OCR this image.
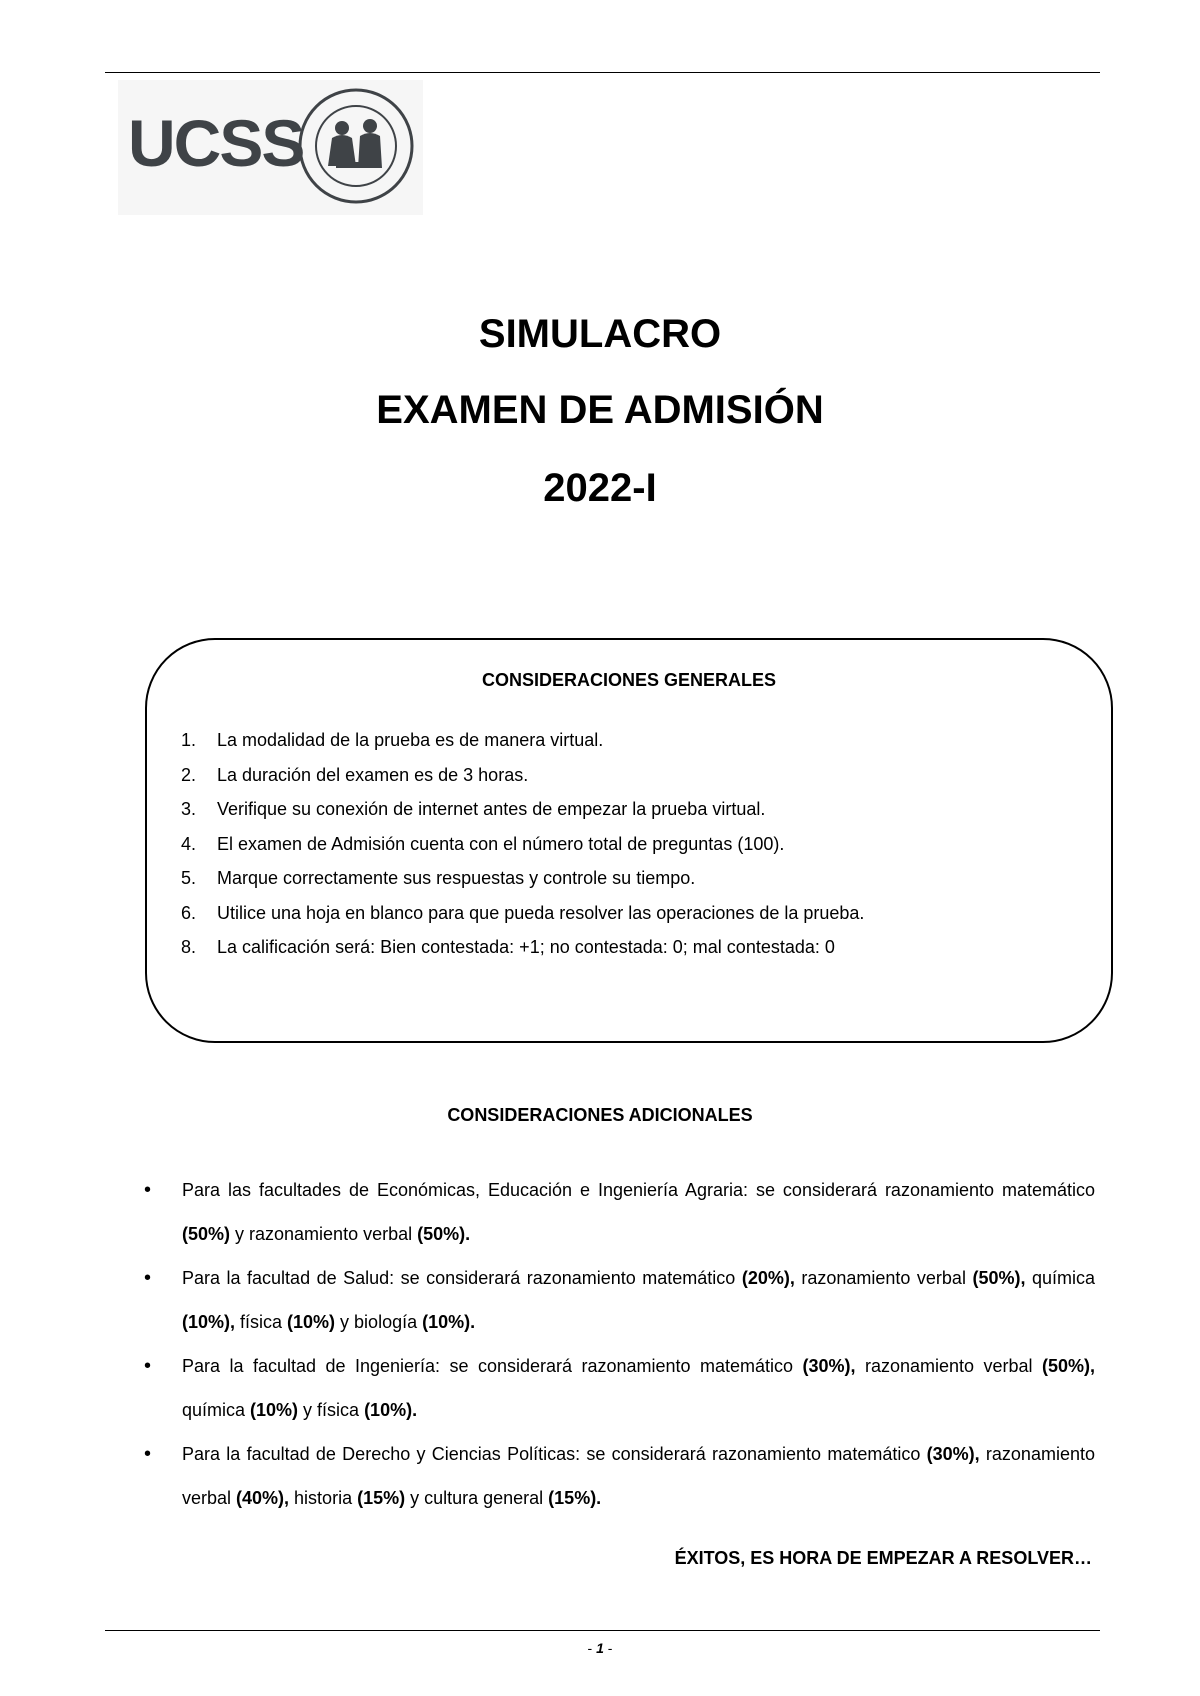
UCSS
SIMULACRO
EXAMEN DE ADMISIÓN
2022-I
CONSIDERACIONES GENERALES
1.	La modalidad de la prueba es de manera virtual.
2.	La duración del examen es de 3 horas.
3.	Verifique su conexión de internet antes de empezar la prueba virtual.
4.	El examen de Admisión cuenta con el número total de preguntas (100).
5.	Marque correctamente sus respuestas y controle su tiempo.
6.	Utilice una hoja en blanco para que pueda resolver las operaciones de la prueba.
8.	La calificación será: Bien contestada: +1; no contestada: 0; mal contestada: 0
CONSIDERACIONES ADICIONALES
• Para las facultades de Económicas, Educación e Ingeniería Agraria: se considerará razonamiento matemático (50%) y razonamiento verbal (50%).
• Para la facultad de Salud: se considerará razonamiento matemático (20%), razonamiento verbal (50%), química (10%), física (10%) y biología (10%).
• Para la facultad de Ingeniería: se considerará razonamiento matemático (30%), razonamiento verbal (50%), química (10%) y física (10%).
• Para la facultad de Derecho y Ciencias Políticas: se considerará razonamiento matemático (30%), razonamiento verbal (40%), historia (15%) y cultura general (15%).
ÉXITOS, ES HORA DE EMPEZAR A RESOLVER…
- 1 -
